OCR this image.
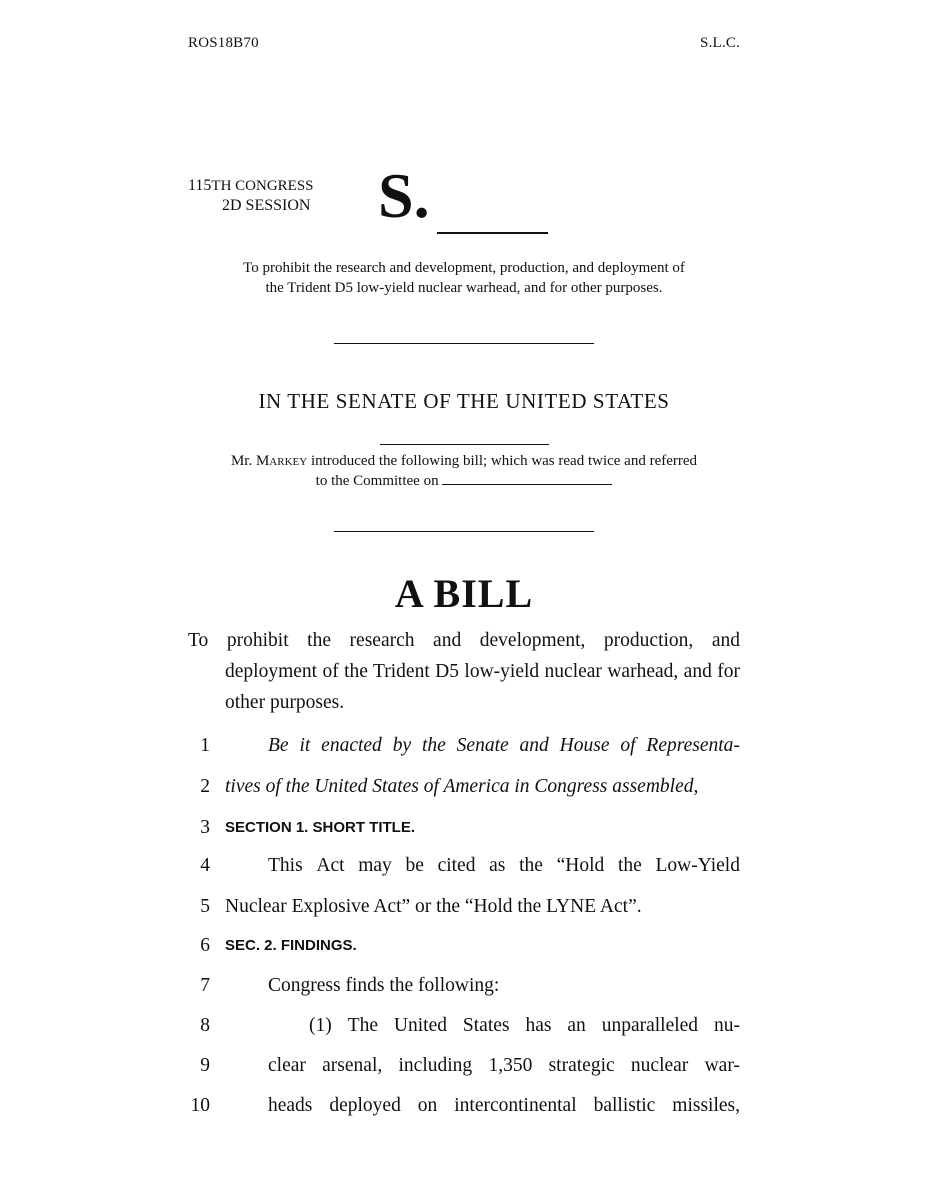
ROS18B70	S.L.C.
115TH CONGRESS
2D SESSION S.
To prohibit the research and development, production, and deployment of
the Trident D5 low-yield nuclear warhead, and for other purposes.
IN THE SENATE OF THE UNITED STATES
Mr. Markey introduced the following bill; which was read twice and referred
to the Committee on
A BILL
To prohibit the research and development, production, and deployment of the Trident D5 low-yield nuclear warhead, and for other purposes.
1	Be it enacted by the Senate and House of Representa-
2 tives of the United States of America in Congress assembled,
3 SECTION 1. SHORT TITLE.
4	This Act may be cited as the “Hold the Low-Yield
5 Nuclear Explosive Act” or the “Hold the LYNE Act”.
6 SEC. 2. FINDINGS.
7	Congress finds the following:
8	(1) The United States has an unparalleled nu-
9	clear arsenal, including 1,350 strategic nuclear war-
10	heads deployed on intercontinental ballistic missiles,
